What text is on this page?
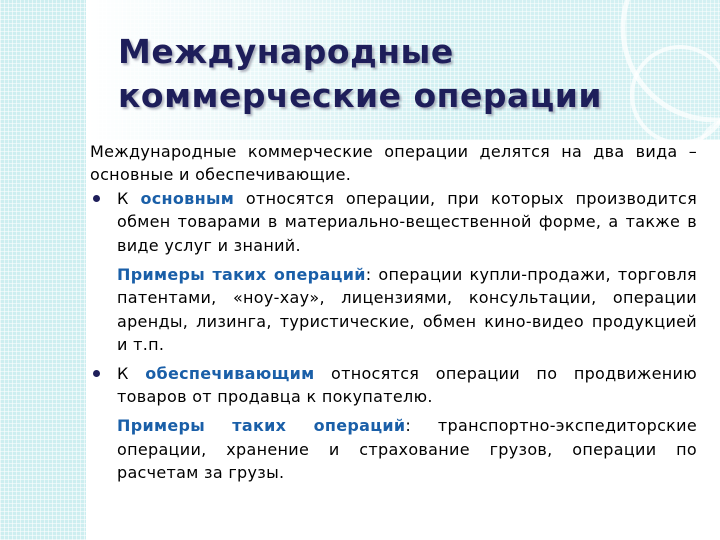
Международные
коммерческие операции

Международные коммерческие операции делятся на два вида – основные и обеспечивающие.

К основным относятся операции, при которых производится обмен товарами в материально-вещественной форме, а также в виде услуг и знаний.

Примеры таких операций: операции купли-продажи, торговля патентами, «ноу-хау», лицензиями, консультации, операции аренды, лизинга, туристические, обмен кино-видео продукцией и т.п.

К обеспечивающим относятся операции по продвижению товаров от продавца к покупателю.

Примеры таких операций: транспортно-экспедиторские операции, хранение и страхование грузов, операции по расчетам за грузы.
